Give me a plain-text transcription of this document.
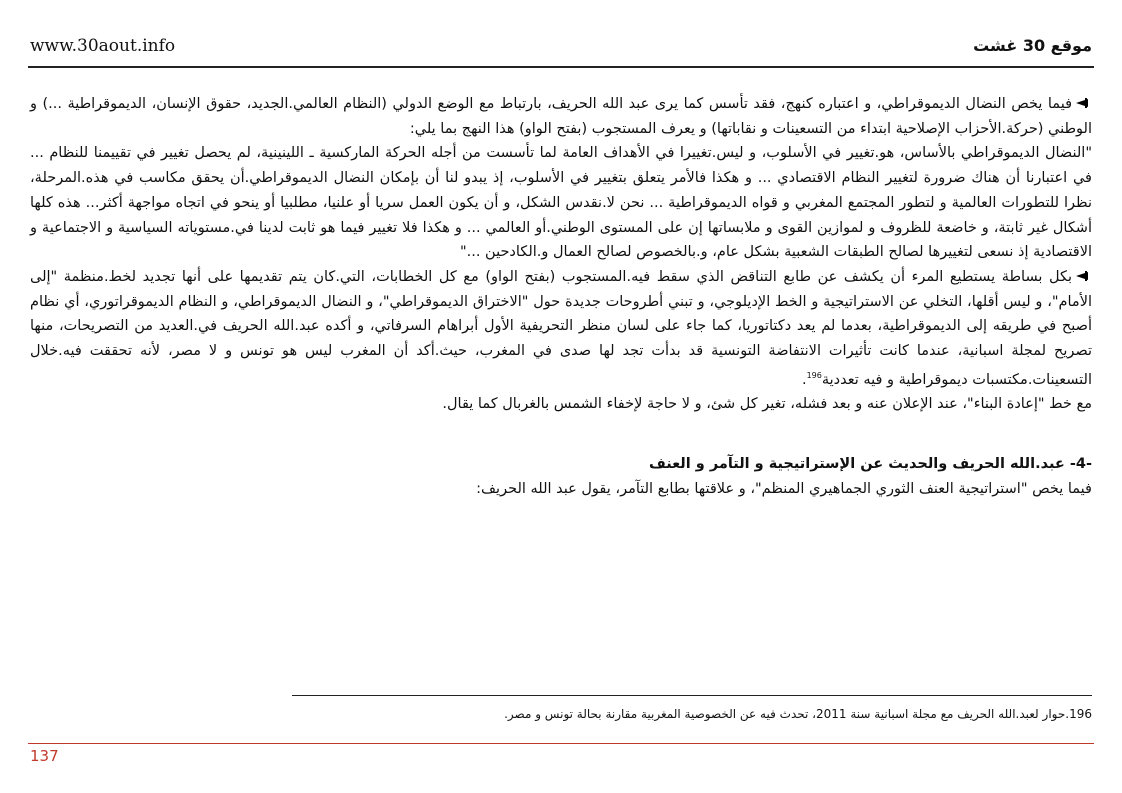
www.30aout.info	موقع 30 غشت

فيما يخص النضال الديموقراطي، و اعتباره كنهج، فقد تأسس كما يرى عبد الله الحريف، بارتباط مع الوضع الدولي (النظام العالمي.الجديد، حقوق الإنسان، الديموقراطية ...) و الوطني (حركة.الأحزاب الإصلاحية ابتداء من التسعينات و نقاباتها) و يعرف المستجوب (بفتح الواو) هذا النهج بما يلي:

"النضال الديموقراطي بالأساس، هو.تغيير في الأسلوب، و ليس.تغييرا في الأهداف العامة لما تأسست من أجله الحركة الماركسية ـ اللينينية، لم يحصل تغيير في تقييمنا للنظام ... في اعتبارنا أن هناك ضرورة لتغيير النظام الاقتصادي ... و هكذا فالأمر يتعلق بتغيير في الأسلوب، إذ يبدو لنا أن بإمكان النضال الديموقراطي.أن يحقق مكاسب في هذه.المرحلة، نظرا للتطورات العالمية و لتطور المجتمع المغربي و قواه الديموقراطية ... نحن لا.نقدس الشكل، و أن يكون العمل سريا أو علنيا، مطلبيا أو ينحو في اتجاه مواجهة أكثر... هذه كلها أشكال غير ثابتة، و خاضعة للظروف و لموازين القوى و ملابساتها إن على المستوى الوطني.أو العالمي ... و هكذا فلا تغيير فيما هو ثابت لدينا في.مستوياته السياسية و الاجتماعية و الاقتصادية إذ نسعى لتغييرها لصالح الطبقات الشعبية بشكل عام، و.بالخصوص لصالح العمال و.الكادحين ..."

بكل بساطة يستطيع المرء أن يكشف عن طابع التناقض الذي سقط فيه.المستجوب (بفتح الواو) مع كل الخطابات، التي.كان يتم تقديمها على أنها تجديد لخط.منظمة "إلى الأمام"، و ليس أقلها، التخلي عن الاستراتيجية و الخط الإديلوجي، و تبني أطروحات جديدة حول "الاختراق الديموقراطي"، و النضال الديموقراطي، و النظام الديموقراتوري، أي نظام أصبح في طريقه إلى الديموقراطية، بعدما لم يعد دكتاتوريا، كما جاء على لسان منظر التحريفية الأول أبراهام السرفاتي، و أكده عبد.الله الحريف في.العديد من التصريحات، منها تصريح لمجلة اسبانية، عندما كانت تأثيرات الانتفاضة التونسية قد بدأت تجد لها صدى في المغرب، حيث.أكد أن المغرب ليس هو تونس و لا مصر، لأنه تحققت فيه.خلال التسعينات.مكتسبات ديموقراطية و فيه تعددية$^{196}$.

مع خط "إعادة البناء"، عند الإعلان عنه و بعد فشله، تغير كل شئ، و لا حاجة لإخفاء الشمس بالغربال كما يقال.

-4- عبد.الله الحريف والحديث عن الإستراتيجية و التآمر و العنف

فيما يخص "استراتيجية العنف الثوري الجماهيري المنظم"، و علاقتها بطابع التآمر، يقول عبد الله الحريف:

196.حوار لعبد.الله الحريف مع مجلة اسبانية سنة 2011، تحدث فيه عن الخصوصية المغربية مقارنة بحالة تونس و مصر.
137
